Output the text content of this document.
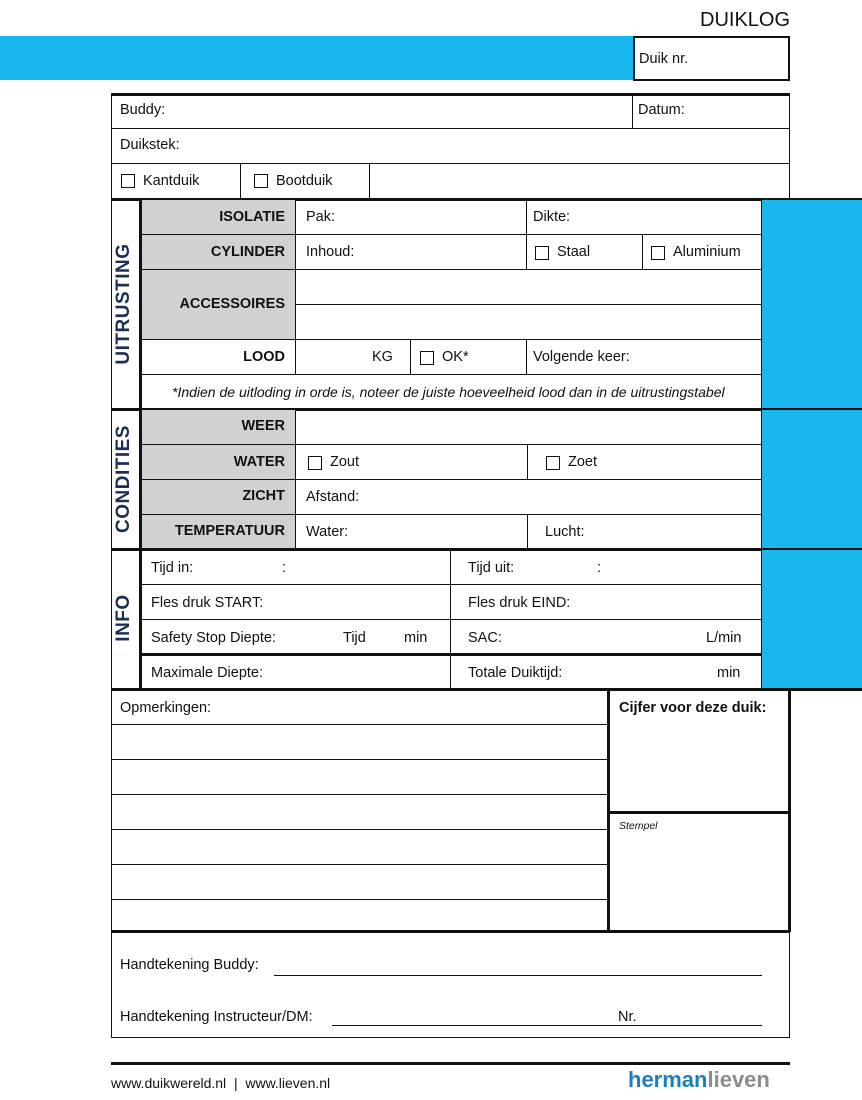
DUIKLOG
Duik nr.
Buddy:	Datum:
Duikstek:
Kantduik	Bootduik
UITRUSTING
ISOLATIE Pak:	Dikte:
CYLINDER Inhoud:	Staal	Aluminium
ACCESSOIRES
LOOD	KG	OK*	Volgende keer:
*Indien de uitloding in orde is, noteer de juiste hoeveelheid lood dan in de uitrustingstabel
CONDITIES	WEER
WATER	Zout	Zoet
ZICHT Afstand:
TEMPERATUUR Water:	Lucht:
INFO
Tijd in:	:	Tijd uit:	:
Fles druk START:	Fles druk EIND:
Safety Stop Diepte:	Tijd	min	SAC:	L/min
Maximale Diepte:	Totale Duiktijd:	min
Opmerkingen:	Cijfer voor deze duik:
Stempel
Handtekening Buddy:
Handtekening Instructeur/DM:	Nr.
www.duikwereld.nl  |  www.lieven.nl	hermanlieven
